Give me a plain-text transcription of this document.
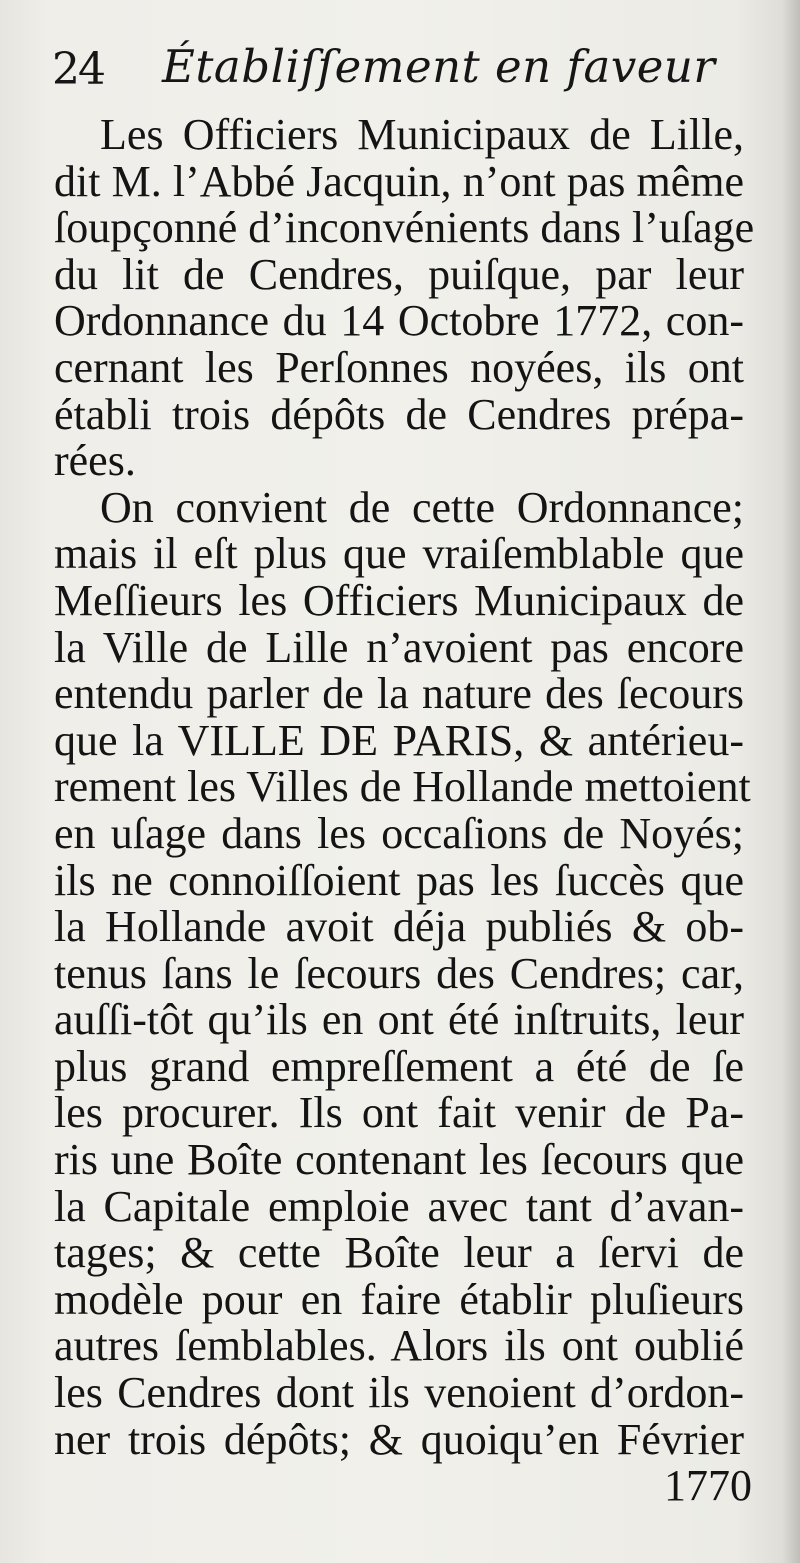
24 Établiſſement en faveur
Les Officiers Municipaux de Lille,
dit M. l’Abbé Jacquin, n’ont pas même
ſoupçonné d’inconvénients dans l’uſage
du lit de Cendres, puiſque, par leur
Ordonnance du 14 Octobre 1772, con-
cernant les Perſonnes noyées, ils ont
établi trois dépôts de Cendres prépa-
rées.
On convient de cette Ordonnance;
mais il eſt plus que vraiſemblable que
Meſſieurs les Officiers Municipaux de
la Ville de Lille n’avoient pas encore
entendu parler de la nature des ſecours
que la VILLE DE PARIS, & antérieu-
rement les Villes de Hollande mettoient
en uſage dans les occaſions de Noyés;
ils ne connoiſſoient pas les ſuccès que
la Hollande avoit déja publiés & ob-
tenus ſans le ſecours des Cendres; car,
auſſi-tôt qu’ils en ont été inſtruits, leur
plus grand empreſſement a été de ſe
les procurer. Ils ont fait venir de Pa-
ris une Boîte contenant les ſecours que
la Capitale emploie avec tant d’avan-
tages; & cette Boîte leur a ſervi de
modèle pour en faire établir pluſieurs
autres ſemblables. Alors ils ont oublié
les Cendres dont ils venoient d’ordon-
ner trois dépôts; & quoiqu’en Février
1770
